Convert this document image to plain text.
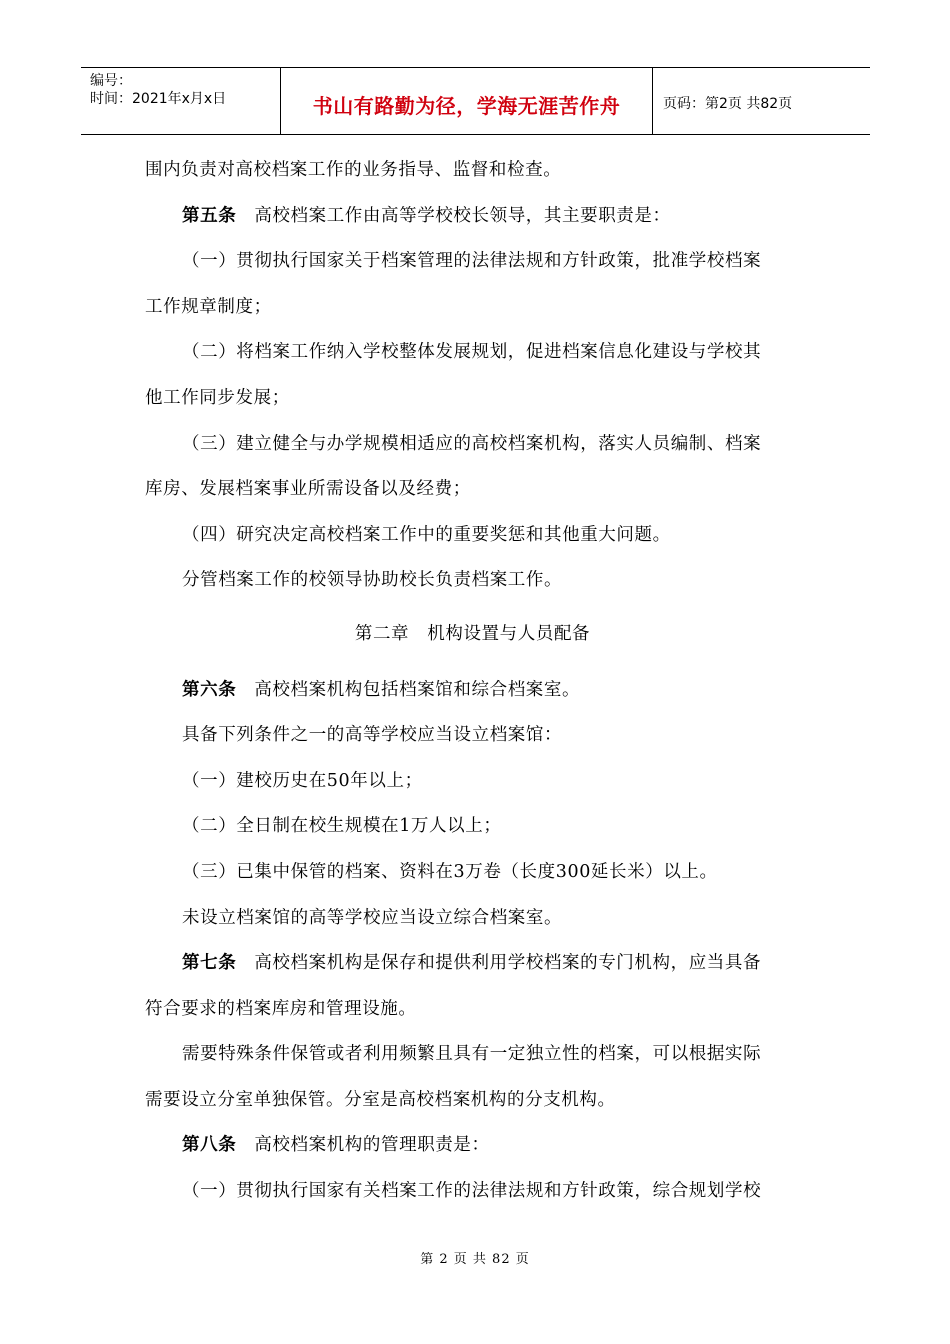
编号：
时间：2021年x月x日	书山有路勤为径，学海无涯苦作舟	页码：第2页 共82页
围内负责对高校档案工作的业务指导、监督和检查。
第五条 高校档案工作由高等学校校长领导，其主要职责是：
（一）贯彻执行国家关于档案管理的法律法规和方针政策，批准学校档案
工作规章制度；
（二）将档案工作纳入学校整体发展规划，促进档案信息化建设与学校其
他工作同步发展；
（三）建立健全与办学规模相适应的高校档案机构，落实人员编制、档案
库房、发展档案事业所需设备以及经费；
（四）研究决定高校档案工作中的重要奖惩和其他重大问题。
分管档案工作的校领导协助校长负责档案工作。
第二章　机构设置与人员配备
第六条 高校档案机构包括档案馆和综合档案室。
具备下列条件之一的高等学校应当设立档案馆：
（一）建校历史在50年以上；
（二）全日制在校生规模在1万人以上；
（三）已集中保管的档案、资料在3万卷（长度300延长米）以上。
未设立档案馆的高等学校应当设立综合档案室。
第七条 高校档案机构是保存和提供利用学校档案的专门机构，应当具备
符合要求的档案库房和管理设施。
需要特殊条件保管或者利用频繁且具有一定独立性的档案，可以根据实际
需要设立分室单独保管。分室是高校档案机构的分支机构。
第八条 高校档案机构的管理职责是：
（一）贯彻执行国家有关档案工作的法律法规和方针政策，综合规划学校
第 2 页 共 82 页
